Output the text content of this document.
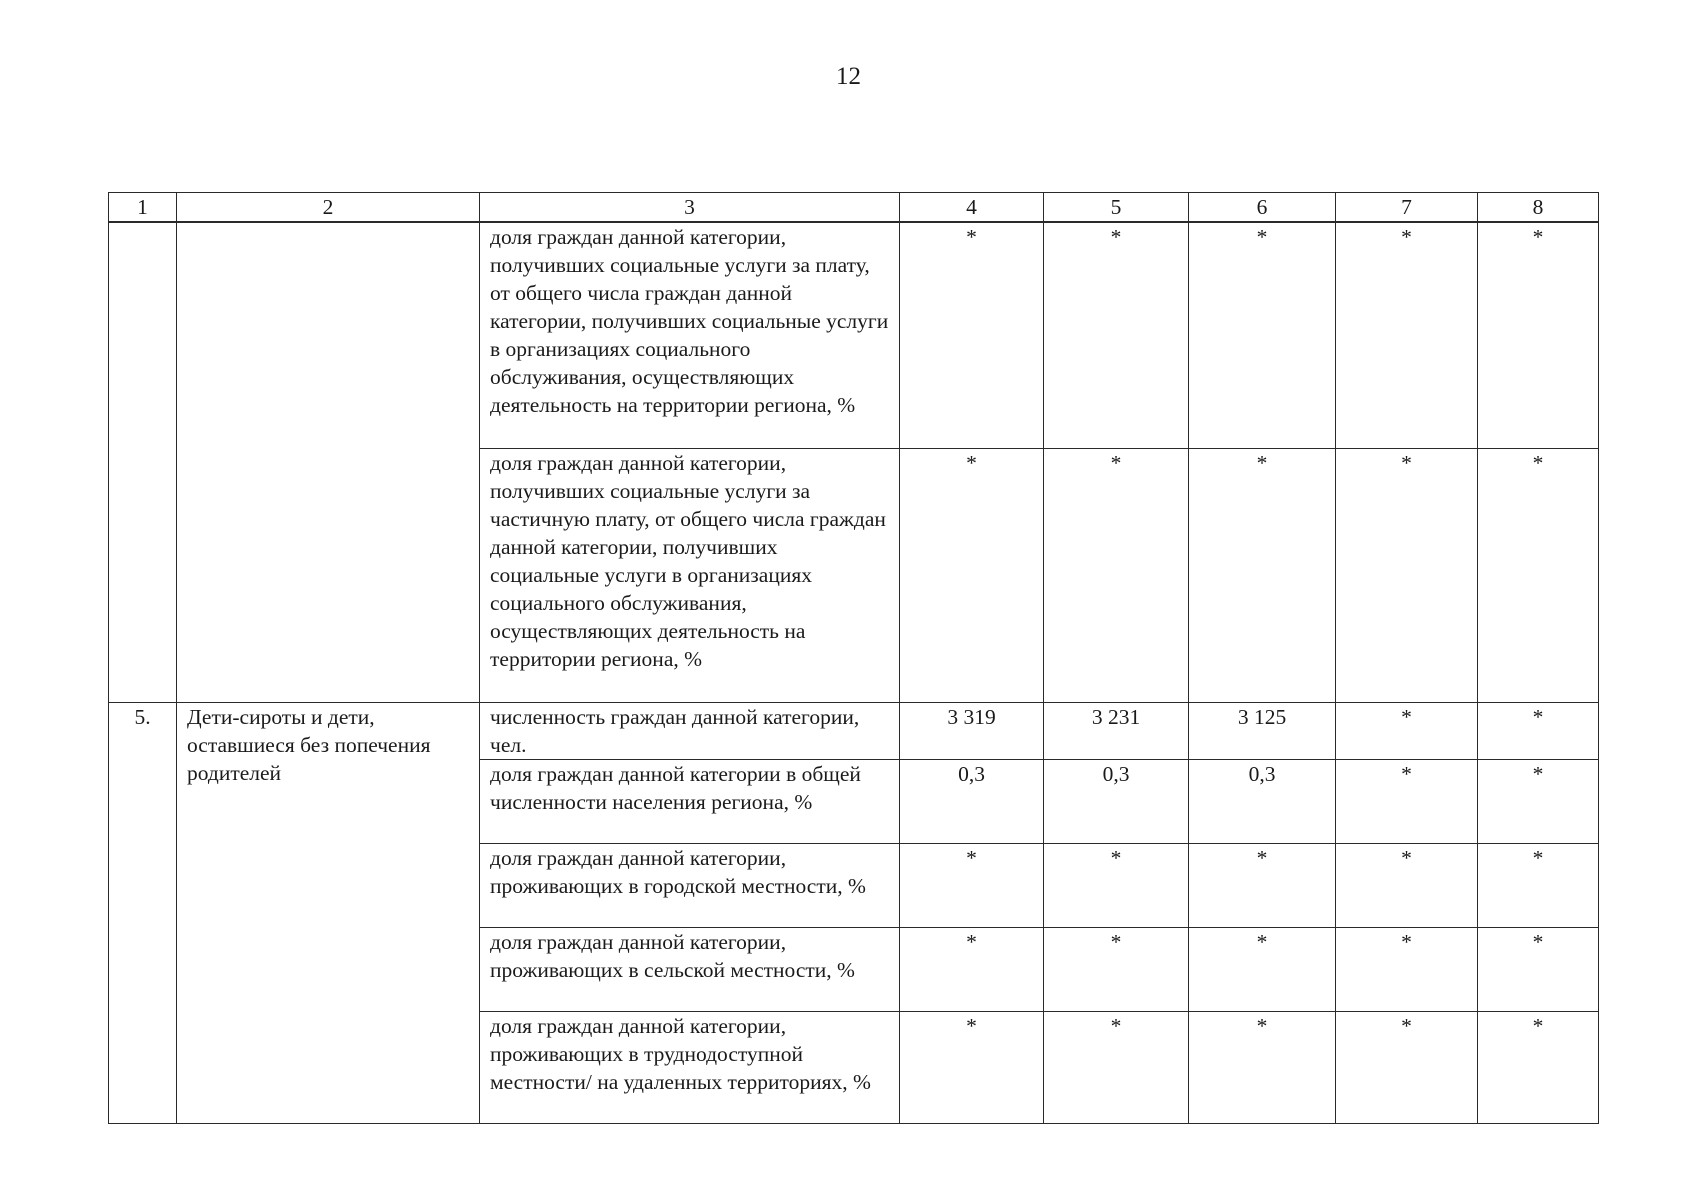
12
1	2	3	4	5	6	7	8
		доля граждан данной категории, получивших социальные услуги за плату, от общего числа граждан данной категории, получивших социальные услуги в организациях социального обслуживания, осуществляющих деятельность на территории региона, %	*	*	*	*	*
		доля граждан данной категории, получивших социальные услуги за частичную плату, от общего числа граждан данной категории, получивших социальные услуги в организациях социального обслуживания, осуществляющих деятельность на территории региона, %	*	*	*	*	*
5.	Дети-сироты и дети, оставшиеся без попечения родителей	численность граждан данной категории, чел.	3 319	3 231	3 125	*	*
		доля граждан данной категории в общей численности населения региона, %	0,3	0,3	0,3	*	*
		доля граждан данной категории, проживающих в городской местности, %	*	*	*	*	*
		доля граждан данной категории, проживающих в сельской местности, %	*	*	*	*	*
		доля граждан данной категории, проживающих в труднодоступной местности/ на удаленных территориях, %	*	*	*	*	*
